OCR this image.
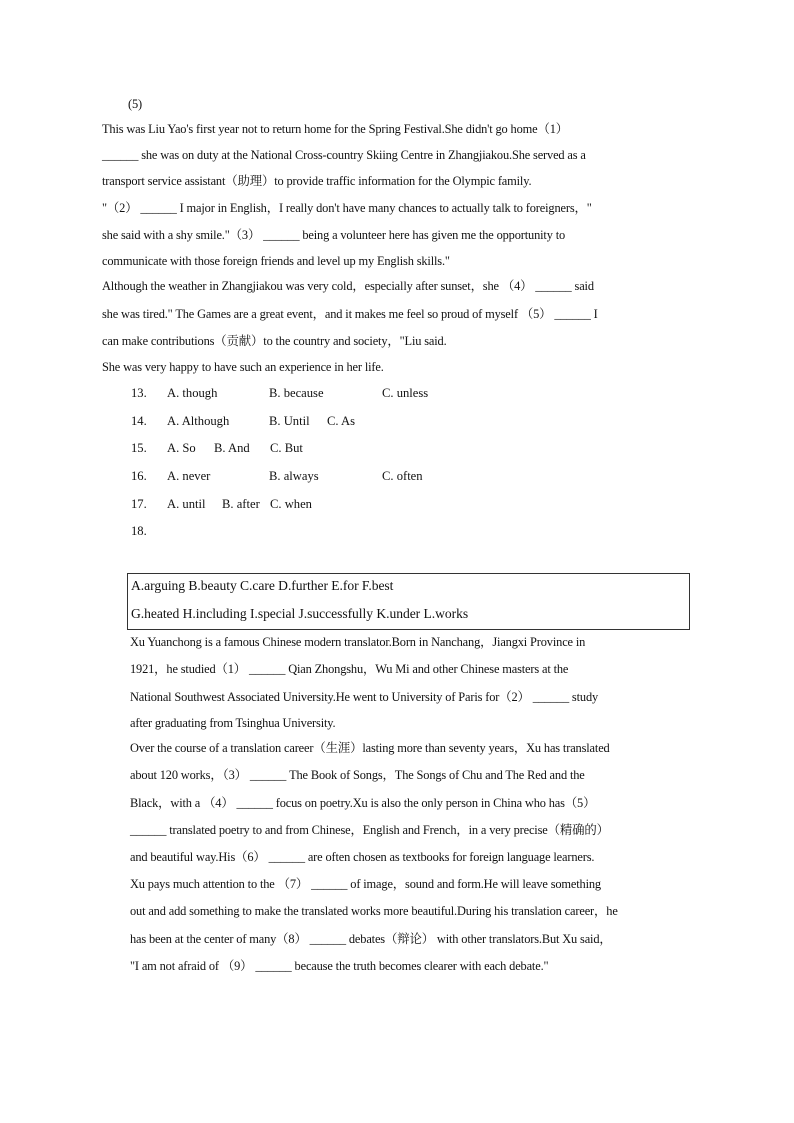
(5)
This was Liu Yao's first year not to return home for the Spring Festival.She didn't go home（1）
______ she was on duty at the National Cross-country Skiing Centre in Zhangjiakou.She served as a
transport service assistant（助理）to provide traffic information for the Olympic family.
"（2） ______ I major in English，I really don't have many chances to actually talk to foreigners，"
she said with a shy smile."（3） ______ being a volunteer here has given me the opportunity to
communicate with those foreign friends and level up my English skills."
Although the weather in Zhangjiakou was very cold，especially after sunset，she （4） ______ said
she was tired." The Games are a great event，and it makes me feel so proud of myself （5） ______ I
can make contributions（贡献）to the country and society，"Liu said.
She was very happy to have such an experience in her life.
13. A. though	B. because	C. unless
14. A. Although	B. Until C. As
15. A. So B. And C. But
16. A. never	B. always	C. often
17. A. until B. after C. when
18.
A.arguing B.beauty C.care D.further E.for F.best
G.heated H.including I.special J.successfully K.under L.works
Xu Yuanchong is a famous Chinese modern translator.Born in Nanchang，Jiangxi Province in
1921，he studied（1） ______ Qian Zhongshu，Wu Mi and other Chinese masters at the
National Southwest Associated University.He went to University of Paris for（2） ______ study
after graduating from Tsinghua University.
Over the course of a translation career（生涯）lasting more than seventy years，Xu has translated
about 120 works，（3） ______ The Book of Songs，The Songs of Chu and The Red and the
Black，with a （4） ______ focus on poetry.Xu is also the only person in China who has（5）
______ translated poetry to and from Chinese，English and French，in a very precise（精确的）
and beautiful way.His（6） ______ are often chosen as textbooks for foreign language learners.
Xu pays much attention to the （7） ______ of image，sound and form.He will leave something
out and add something to make the translated works more beautiful.During his translation career，he
has been at the center of many（8） ______ debates（辩论） with other translators.But Xu said，
"I am not afraid of （9） ______ because the truth becomes clearer with each debate."
